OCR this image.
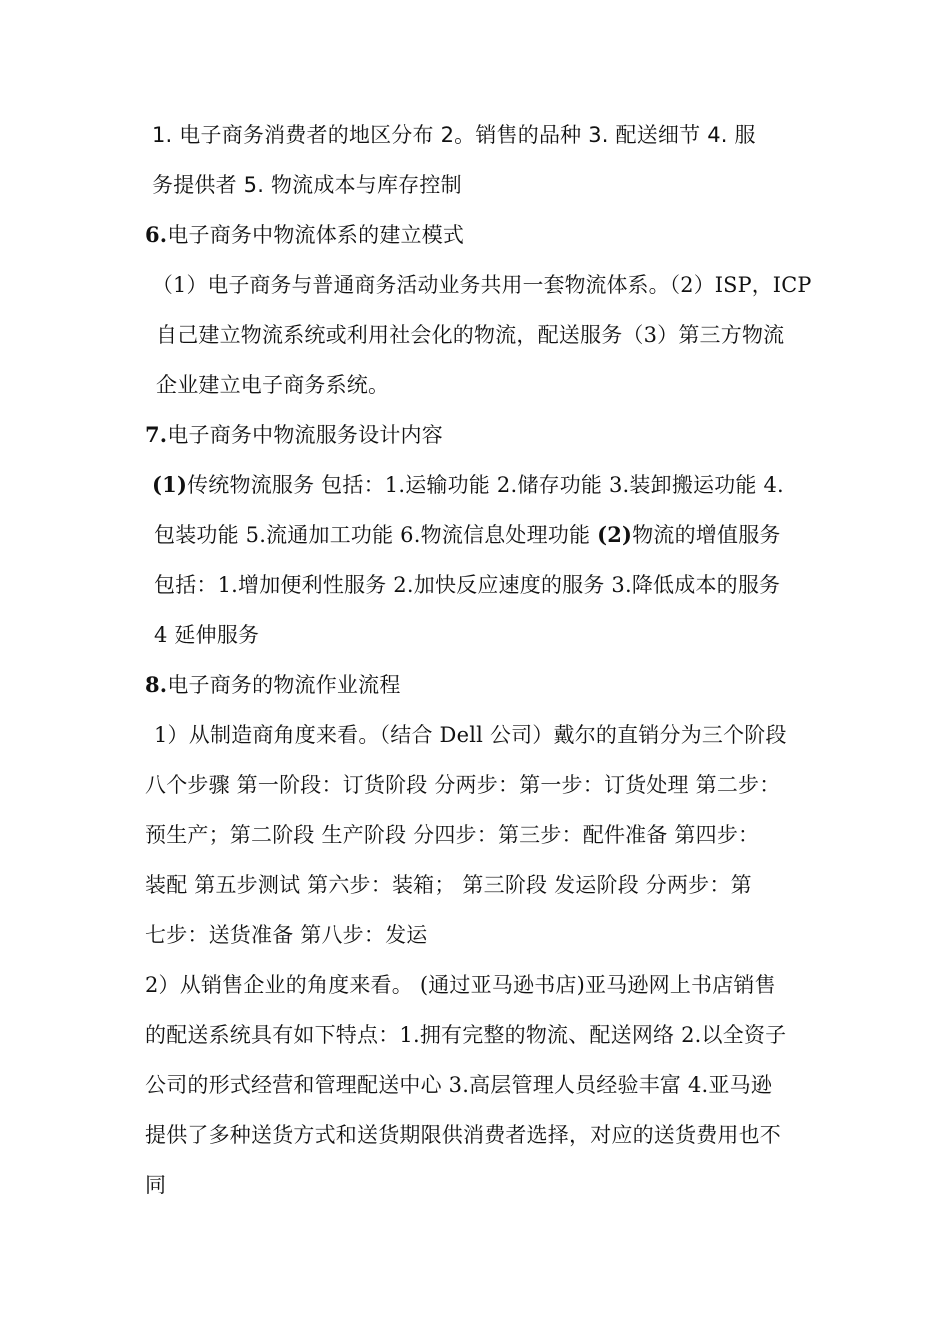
1. 电子商务消费者的地区分布 2。销售的品种 3. 配送细节 4. 服
务提供者 5. 物流成本与库存控制
6.电子商务中物流体系的建立模式
（1）电子商务与普通商务活动业务共用一套物流体系。（2）ISP，ICP
自己建立物流系统或利用社会化的物流，配送服务（3）第三方物流
企业建立电子商务系统。
7.电子商务中物流服务设计内容
(1)传统物流服务 包括：1.运输功能 2.储存功能 3.装卸搬运功能 4.
包装功能 5.流通加工功能 6.物流信息处理功能 (2)物流的增值服务
包括：1.增加便利性服务 2.加快反应速度的服务 3.降低成本的服务
4 延伸服务
8.电子商务的物流作业流程
1）从制造商角度来看。（结合 Dell 公司）戴尔的直销分为三个阶段
八个步骤 第一阶段：订货阶段 分两步：第一步：订货处理 第二步：
预生产；第二阶段 生产阶段 分四步：第三步：配件准备 第四步：
装配 第五步测试 第六步：装箱； 第三阶段 发运阶段 分两步：第
七步：送货准备 第八步：发运
2）从销售企业的角度来看。 (通过亚马逊书店)亚马逊网上书店销售
的配送系统具有如下特点：1.拥有完整的物流、配送网络 2.以全资子
公司的形式经营和管理配送中心 3.高层管理人员经验丰富 4.亚马逊
提供了多种送货方式和送货期限供消费者选择，对应的送货费用也不
同
